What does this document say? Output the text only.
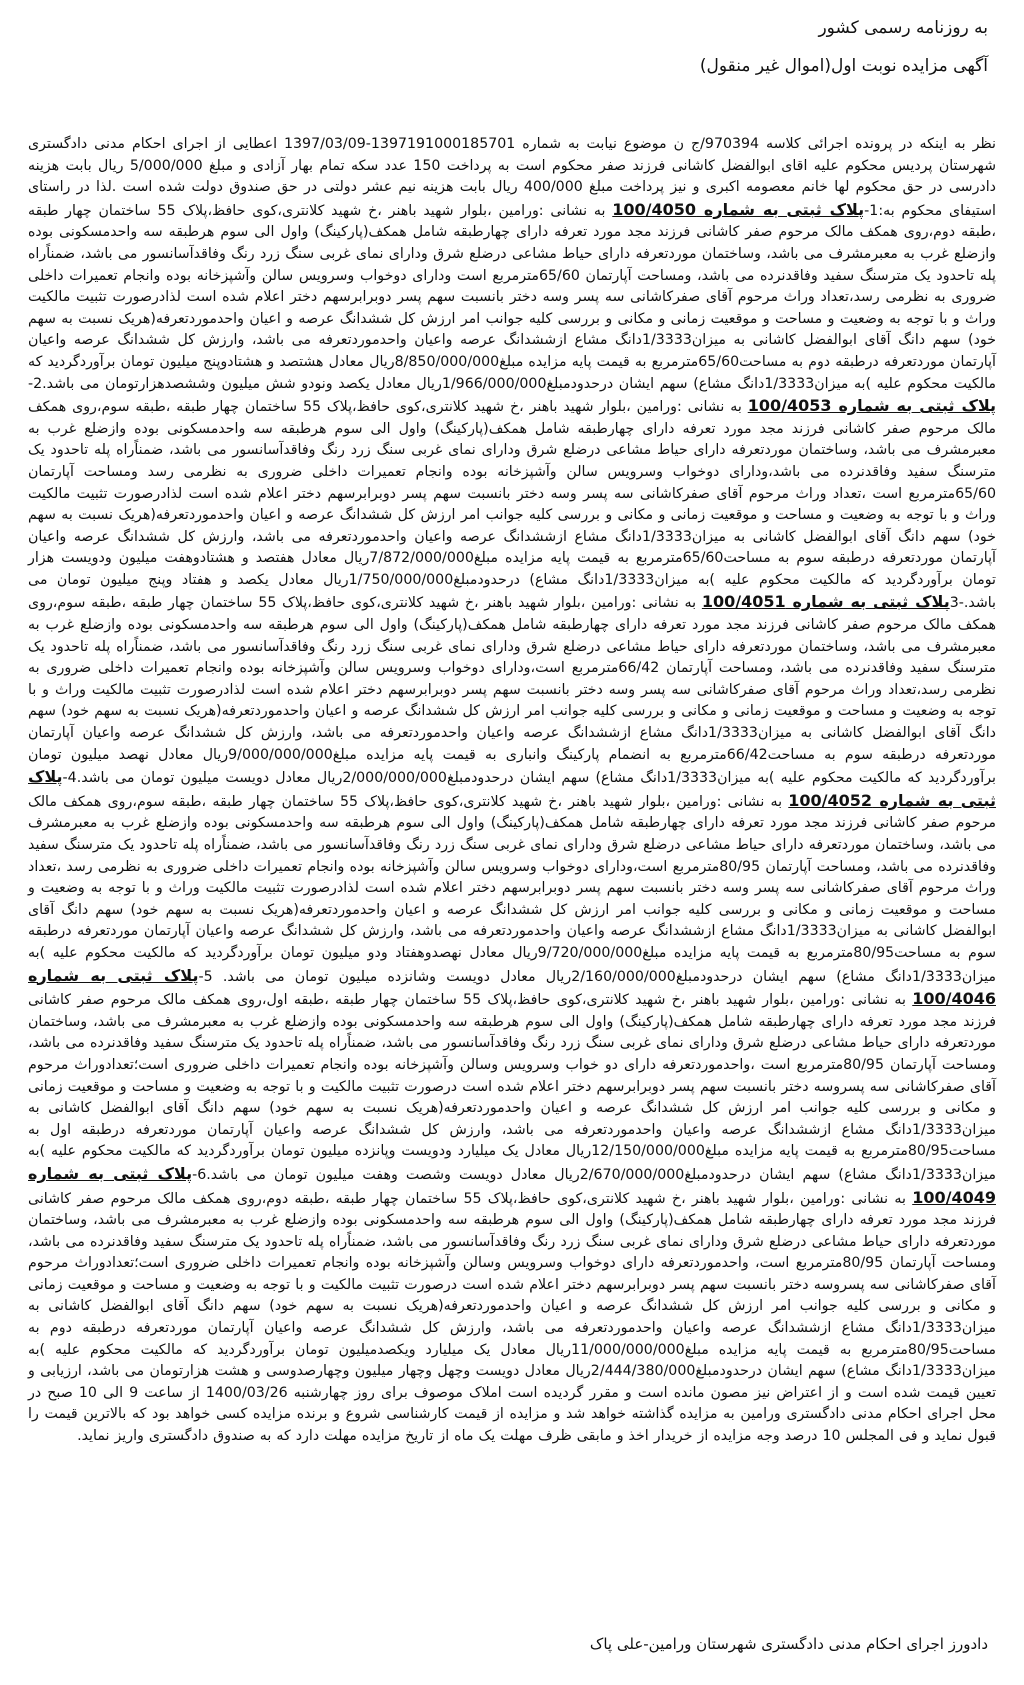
به روزنامه رسمی کشور
آگهی مزایده نوبت اول(اموال غیر منقول)
نظر به اینکه در پرونده اجرائی کلاسه 970394/ج ن موضوع نیابت به شماره 1397191000185701-1397/03/09 اعطایی از اجرای احکام مدنی دادگستری شهرستان پردیس محکوم علیه اقای ابوالفضل کاشانی فرزند صفر محکوم است به پرداخت 150 عدد سکه تمام بهار آزادی و مبلغ 5/000/000 ریال بابت هزینه دادرسی در حق محکوم لها خانم معصومه اکبری و نیز پرداخت مبلغ 400/000 ریال بابت هزینه نیم عشر دولتی در حق صندوق دولت شده است .لذا در راستای استیفای محکوم به:1-پلاک ثبتی به شماره 100/4050 به نشانی :ورامین ،بلوار شهید باهنر ،خ شهید کلانتری،کوی حافظ،پلاک 55 ساختمان چهار طبقه ،طبقه دوم،روی همکف مالک مرحوم صفر کاشانی فرزند مجد مورد تعرفه دارای چهارطبقه شامل همکف(پارکینگ) واول الی سوم هرطبقه سه واحدمسکونی بوده وازضلع غرب به معبرمشرف می باشد، وساختمان موردتعرفه دارای حیاط مشاعی درضلع شرق ودارای نمای غربی سنگ زرد رنگ وفاقدآسانسور می باشد، ضمناًراه پله تاحدود یک مترسنگ سفید وفاقدنرده می باشد، ومساحت آپارتمان 65/60مترمربع است ودارای دوخواب وسرویس سالن وآشپزخانه بوده وانجام تعمیرات داخلی ضروری به نظرمی رسد،تعداد وراث مرحوم آقای صفرکاشانی سه پسر وسه دختر بانسبت سهم پسر دوبرابرسهم دختر اعلام شده است لذادرصورت تثبیت مالکیت وراث و با توجه به وضعیت و مساحت و موقعیت زمانی و مکانی و بررسی کلیه جوانب امر ارزش کل ششدانگ عرصه و اعیان واحدموردتعرفه(هریک نسبت به سهم خود) سهم دانگ آقای ابوالفضل کاشانی به میزان1/3333دانگ مشاع ازششدانگ عرصه واعیان واحدموردتعرفه می باشد، وارزش کل ششدانگ عرصه واعیان آپارتمان موردتعرفه درطبقه دوم به مساحت65/60مترمربع به قیمت پایه مزایده مبلغ8/850/000/000ریال معادل هشتصد و هشتادوپنج میلیون تومان برآوردگردید که مالکیت محکوم علیه )به میزان1/3333دانگ مشاع) سهم ایشان درحدودمبلغ1/966/000/000ریال معادل یکصد ونودو شش میلیون وششصدهزارتومان می باشد.2-پلاک ثبتی به شماره 100/4053 به نشانی :ورامین ،بلوار شهید باهنر ،خ شهید کلانتری،کوی حافظ،پلاک 55 ساختمان چهار طبقه ،طبقه سوم،روی همکف مالک مرحوم صفر کاشانی فرزند مجد مورد تعرفه دارای چهارطبقه شامل همکف(پارکینگ) واول الی سوم هرطبقه سه واحدمسکونی بوده وازضلع غرب به معبرمشرف می باشد، وساختمان موردتعرفه دارای حیاط مشاعی درضلع شرق ودارای نمای غربی سنگ زرد رنگ وفاقدآسانسور می باشد، ضمناًراه پله تاحدود یک مترسنگ سفید وفاقدنرده می باشد،ودارای دوخواب وسرویس سالن وآشپزخانه بوده وانجام تعمیرات داخلی ضروری به نظرمی رسد ومساحت آپارتمان 65/60مترمربع است ،تعداد وراث مرحوم آقای صفرکاشانی سه پسر وسه دختر بانسبت سهم پسر دوبرابرسهم دختر اعلام شده است لذادرصورت تثبیت مالکیت وراث و با توجه به وضعیت و مساحت و موقعیت زمانی و مکانی و بررسی کلیه جوانب امر ارزش کل ششدانگ عرصه و اعیان واحدموردتعرفه(هریک نسبت به سهم خود) سهم دانگ آقای ابوالفضل کاشانی به میزان1/3333دانگ مشاع ازششدانگ عرصه واعیان واحدموردتعرفه می باشد، وارزش کل ششدانگ عرصه واعیان آپارتمان موردتعرفه درطبقه سوم به مساحت65/60مترمربع به قیمت پایه مزایده مبلغ7/872/000/000ریال معادل هفتصد و هشتادوهفت میلیون ودویست هزار تومان برآوردگردید که مالکیت محکوم علیه )به میزان1/3333دانگ مشاع) درحدودمبلغ1/750/000/000ریال معادل یکصد و هفتاد وپنج میلیون تومان می باشد.-3پلاک ثبتی به شماره 100/4051 به نشانی :ورامین ،بلوار شهید باهنر ،خ شهید کلانتری،کوی حافظ،پلاک 55 ساختمان چهار طبقه ،طبقه سوم،روی همکف مالک مرحوم صفر کاشانی فرزند مجد مورد تعرفه دارای چهارطبقه شامل همکف(پارکینگ) واول الی سوم هرطبقه سه واحدمسکونی بوده وازضلع غرب به معبرمشرف می باشد، وساختمان موردتعرفه دارای حیاط مشاعی درضلع شرق ودارای نمای غربی سنگ زرد رنگ وفاقدآسانسور می باشد، ضمناًراه پله تاحدود یک مترسنگ سفید وفاقدنرده می باشد، ومساحت آپارتمان 66/42مترمربع است،ودارای دوخواب وسرویس سالن وآشپزخانه بوده وانجام تعمیرات داخلی ضروری به نظرمی رسد،تعداد وراث مرحوم آقای صفرکاشانی سه پسر وسه دختر بانسبت سهم پسر دوبرابرسهم دختر اعلام شده است لذادرصورت تثبیت مالکیت وراث و با توجه به وضعیت و مساحت و موقعیت زمانی و مکانی و بررسی کلیه جوانب امر ارزش کل ششدانگ عرصه و اعیان واحدموردتعرفه(هریک نسبت به سهم خود) سهم دانگ آقای ابوالفضل کاشانی به میزان1/3333دانگ مشاع ازششدانگ عرصه واعیان واحدموردتعرفه می باشد، وارزش کل ششدانگ عرصه واعیان آپارتمان موردتعرفه درطبقه سوم به مساحت66/42مترمربع به انضمام پارکینگ وانباری به قیمت پایه مزایده مبلغ9/000/000/000ریال معادل نهصد میلیون تومان برآوردگردید که مالکیت محکوم علیه )به میزان1/3333دانگ مشاع) سهم ایشان درحدودمبلغ2/000/000/000ریال معادل دویست میلیون تومان می باشد.4-پلاک ثبتی به شماره 100/4052 به نشانی :ورامین ،بلوار شهید باهنر ،خ شهید کلانتری،کوی حافظ،پلاک 55 ساختمان چهار طبقه ،طبقه سوم،روی همکف مالک مرحوم صفر کاشانی فرزند مجد مورد تعرفه دارای چهارطبقه شامل همکف(پارکینگ) واول الی سوم هرطبقه سه واحدمسکونی بوده وازضلع غرب به معبرمشرف می باشد، وساختمان موردتعرفه دارای حیاط مشاعی درضلع شرق ودارای نمای غربی سنگ زرد رنگ وفاقدآسانسور می باشد، ضمناًراه پله تاحدود یک مترسنگ سفید وفاقدنرده می باشد، ومساحت آپارتمان 80/95مترمربع است،ودارای دوخواب وسرویس سالن وآشپزخانه بوده وانجام تعمیرات داخلی ضروری به نظرمی رسد ،تعداد وراث مرحوم آقای صفرکاشانی سه پسر وسه دختر بانسبت سهم پسر دوبرابرسهم دختر اعلام شده است لذادرصورت تثبیت مالکیت وراث و با توجه به وضعیت و مساحت و موقعیت زمانی و مکانی و بررسی کلیه جوانب امر ارزش کل ششدانگ عرصه و اعیان واحدموردتعرفه(هریک نسبت به سهم خود) سهم دانگ آقای ابوالفضل کاشانی به میزان1/3333دانگ مشاع ازششدانگ عرصه واعیان واحدموردتعرفه می باشد، وارزش کل ششدانگ عرصه واعیان آپارتمان موردتعرفه درطبقه سوم به مساحت80/95مترمربع به قیمت پایه مزایده مبلغ9/720/000/000ریال معادل نهصدوهفتاد ودو میلیون تومان برآوردگردید که مالکیت محکوم علیه )به میزان1/3333دانگ مشاع) سهم ایشان درحدودمبلغ2/160/000/000ریال معادل دویست وشانزده میلیون تومان می باشد. 5-پلاک ثبتی به شماره 100/4046 به نشانی :ورامین ،بلوار شهید باهنر ،خ شهید کلانتری،کوی حافظ،پلاک 55 ساختمان چهار طبقه ،طبقه اول،روی همکف مالک مرحوم صفر کاشانی فرزند مجد مورد تعرفه دارای چهارطبقه شامل همکف(پارکینگ) واول الی سوم هرطبقه سه واحدمسکونی بوده وازضلع غرب به معبرمشرف می باشد، وساختمان موردتعرفه دارای حیاط مشاعی درضلع شرق ودارای نمای غربی سنگ زرد رنگ وفاقدآسانسور می باشد، ضمناًراه پله تاحدود یک مترسنگ سفید وفاقدنرده می باشد، ومساحت آپارتمان 80/95مترمربع است ،واحدموردتعرفه دارای دو خواب وسرویس وسالن وآشپزخانه بوده وانجام تعمیرات داخلی ضروری است؛تعدادوراث مرحوم آقای صفرکاشانی سه پسروسه دختر بانسبت سهم پسر دوبرابرسهم دختر اعلام شده است درصورت تثبیت مالکیت و با توجه به وضعیت و مساحت و موقعیت زمانی و مکانی و بررسی کلیه جوانب امر ارزش کل ششدانگ عرصه و اعیان واحدموردتعرفه(هریک نسبت به سهم خود) سهم دانگ آقای ابوالفضل کاشانی به میزان1/3333دانگ مشاع ازششدانگ عرصه واعیان واحدموردتعرفه می باشد، وارزش کل ششدانگ عرصه واعیان آپارتمان موردتعرفه درطبقه اول به مساحت80/95مترمربع به قیمت پایه مزایده مبلغ12/150/000/000ریال معادل یک میلیارد ودویست وپانزده میلیون تومان برآوردگردید که مالکیت محکوم علیه )به میزان1/3333دانگ مشاع) سهم ایشان درحدودمبلغ2/670/000/000ریال معادل دویست وشصت وهفت میلیون تومان می باشد.6-پلاک ثبتی به شماره 100/4049 به نشانی :ورامین ،بلوار شهید باهنر ،خ شهید کلانتری،کوی حافظ،پلاک 55 ساختمان چهار طبقه ،طبقه دوم،روی همکف مالک مرحوم صفر کاشانی فرزند مجد مورد تعرفه دارای چهارطبقه شامل همکف(پارکینگ) واول الی سوم هرطبقه سه واحدمسکونی بوده وازضلع غرب به معبرمشرف می باشد، وساختمان موردتعرفه دارای حیاط مشاعی درضلع شرق ودارای نمای غربی سنگ زرد رنگ وفاقدآسانسور می باشد، ضمناًراه پله تاحدود یک مترسنگ سفید وفاقدنرده می باشد، ومساحت آپارتمان 80/95مترمربع است، واحدموردتعرفه دارای دوخواب وسرویس وسالن وآشپزخانه بوده وانجام تعمیرات داخلی ضروری است؛تعدادوراث مرحوم آقای صفرکاشانی سه پسروسه دختر بانسبت سهم پسر دوبرابرسهم دختر اعلام شده است درصورت تثبیت مالکیت و با توجه به وضعیت و مساحت و موقعیت زمانی و مکانی و بررسی کلیه جوانب امر ارزش کل ششدانگ عرصه و اعیان واحدموردتعرفه(هریک نسبت به سهم خود) سهم دانگ آقای ابوالفضل کاشانی به میزان1/3333دانگ مشاع ازششدانگ عرصه واعیان واحدموردتعرفه می باشد، وارزش کل ششدانگ عرصه واعیان آپارتمان موردتعرفه درطبقه دوم به مساحت80/95مترمربع به قیمت پایه مزایده مبلغ11/000/000/000ریال معادل یک میلیارد ویکصدمیلیون تومان برآوردگردید که مالکیت محکوم علیه )به میزان1/3333دانگ مشاع) سهم ایشان درحدودمبلغ2/444/380/000ریال معادل دویست وچهل وچهار میلیون وچهارصدوسی و هشت هزارتومان می باشد، ارزیابی و تعیین قیمت شده است و از اعتراض نیز مصون مانده است و مقرر گردیده است املاک موصوف برای روز چهارشنبه 1400/03/26 از ساعت 9 الی 10 صبح در محل اجرای احکام مدنی دادگستری ورامین به مزایده گذاشته خواهد شد و مزایده از قیمت کارشناسی شروع و برنده مزایده کسی خواهد بود که بالاترین قیمت را قبول نماید و فی المجلس 10 درصد وجه مزایده از خریدار اخذ و مابقی ظرف مهلت یک ماه از تاریخ مزایده مهلت دارد که به صندوق دادگستری واریز نماید.
دادورز اجرای احکام مدنی دادگستری شهرستان ورامین-علی پاک
